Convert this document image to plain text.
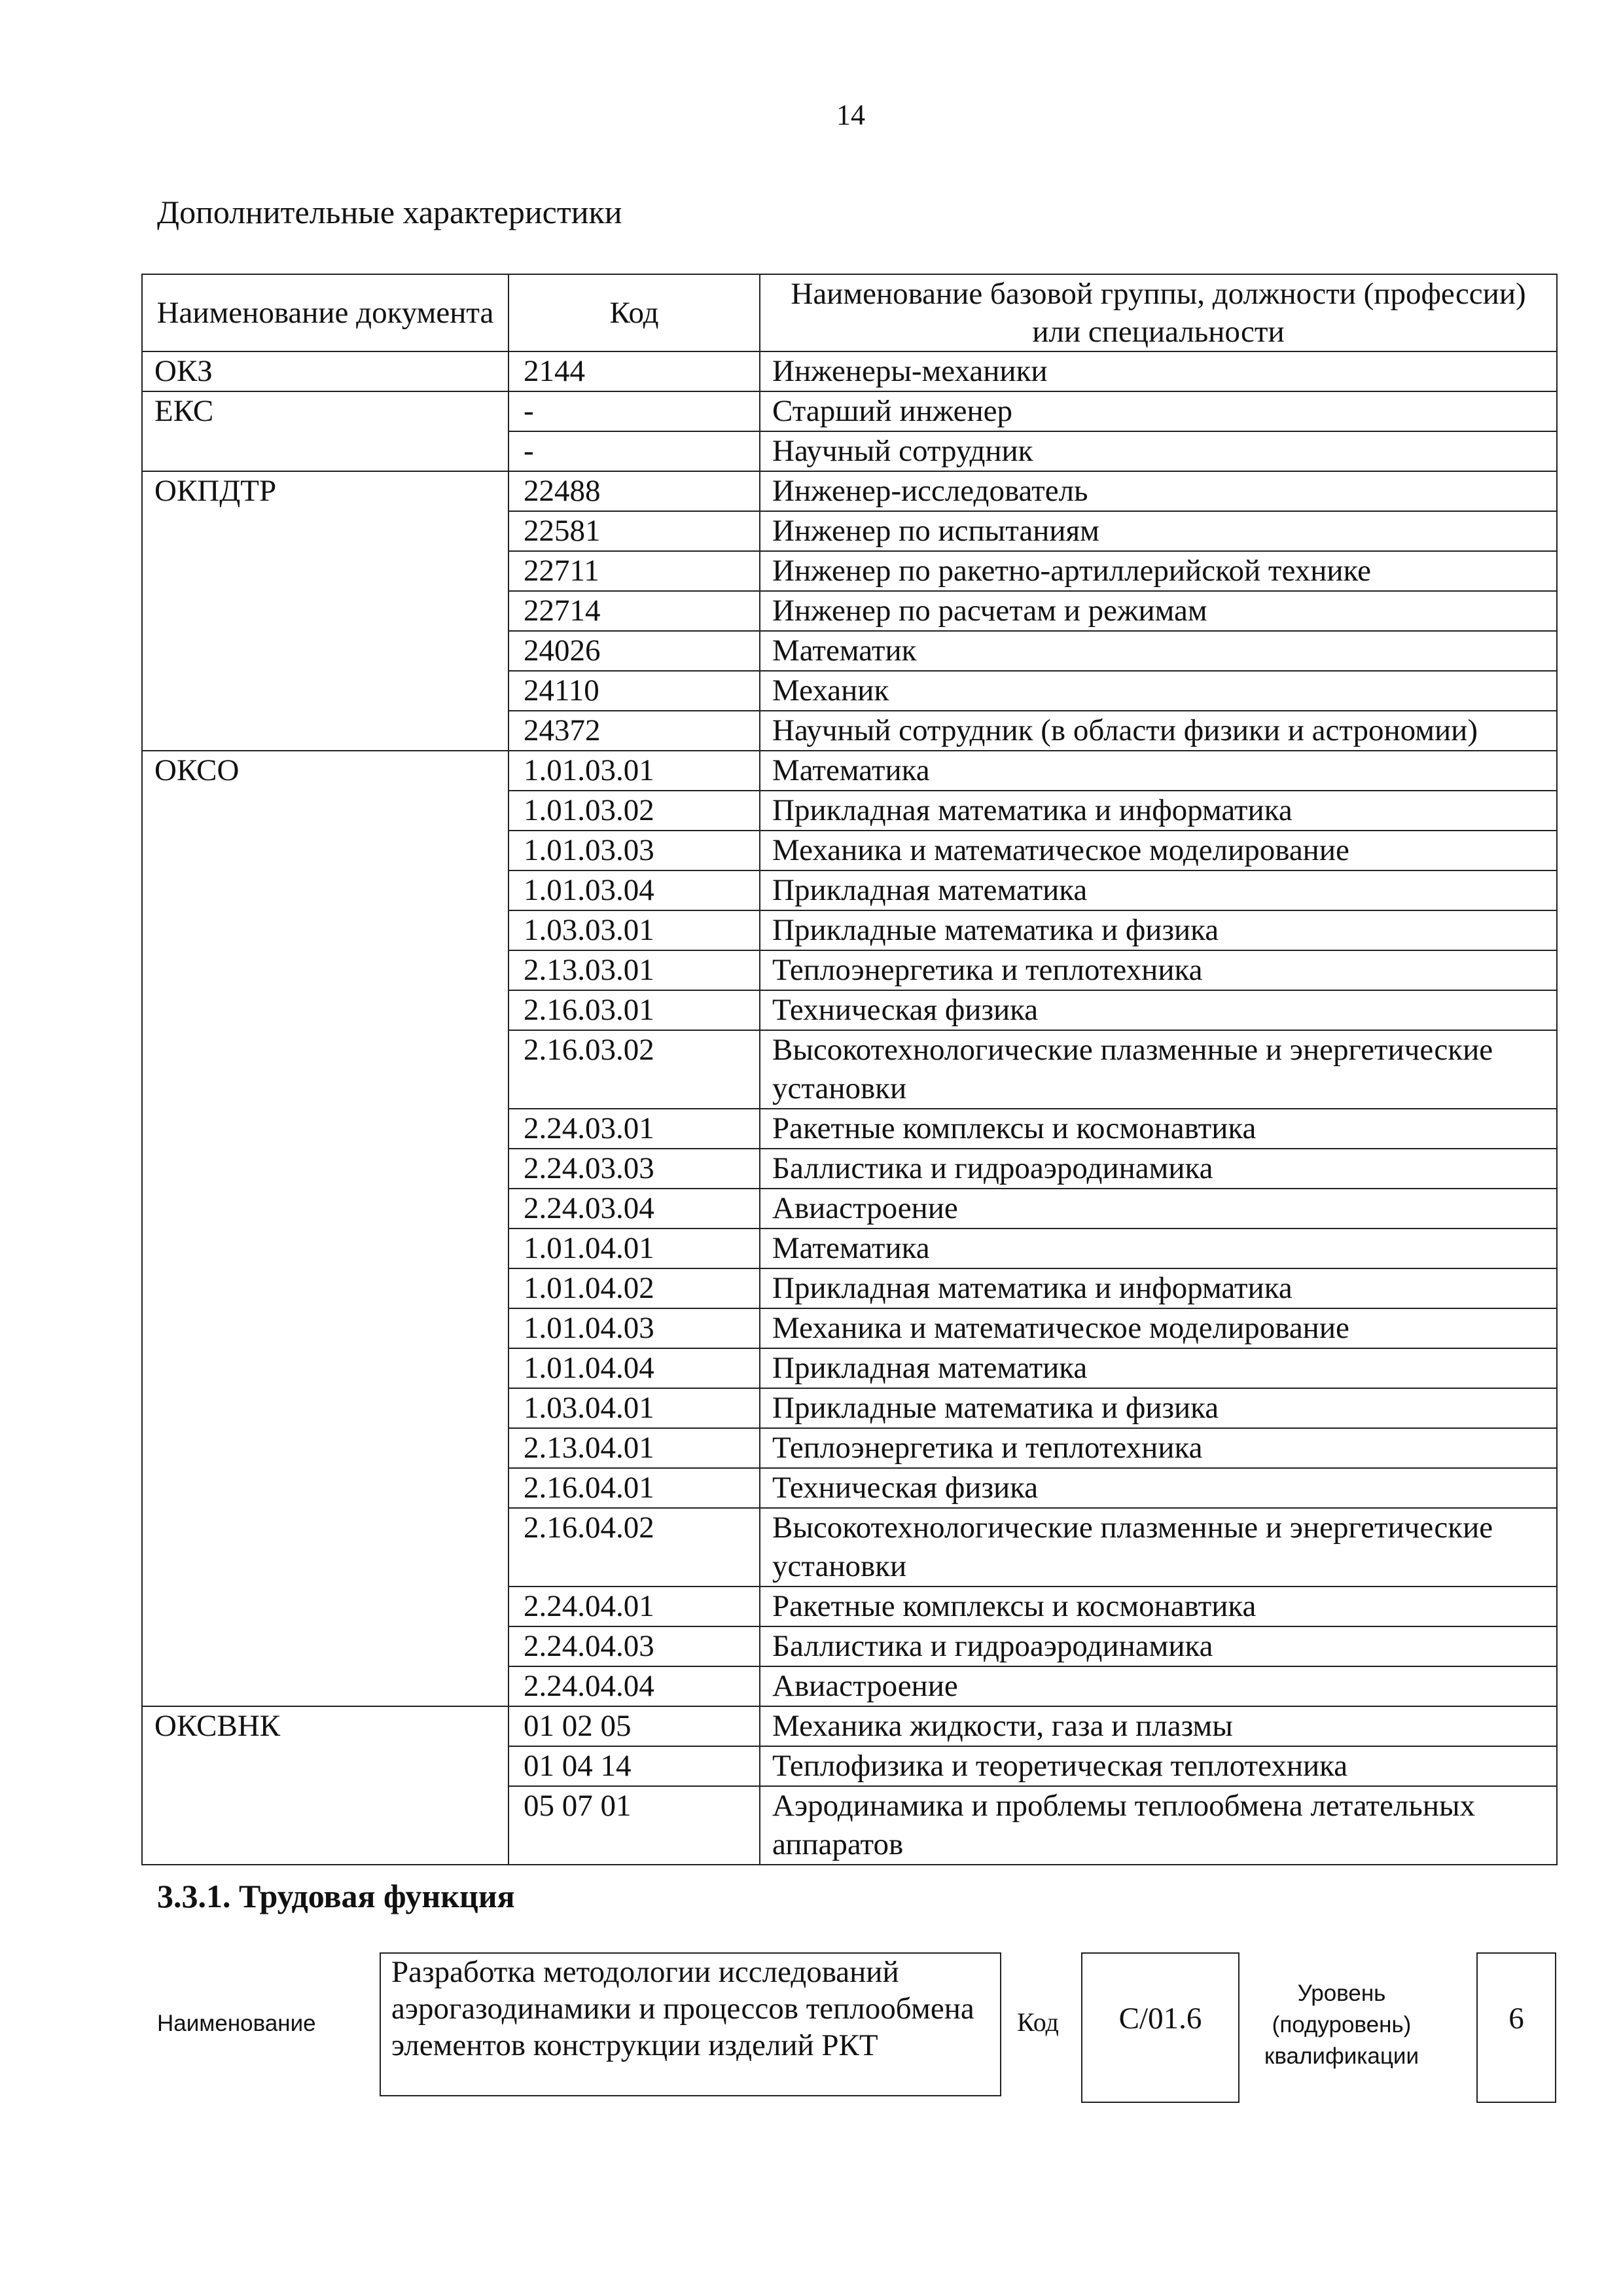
14
Дополнительные характеристики
Наименование документа	Код	Наименование базовой группы, должности (профессии) или специальности
ОКЗ	2144	Инженеры-механики
ЕКС	-	Старший инженер
	-	Научный сотрудник
ОКПДТР	22488	Инженер-исследователь
	22581	Инженер по испытаниям
	22711	Инженер по ракетно-артиллерийской технике
	22714	Инженер по расчетам и режимам
	24026	Математик
	24110	Механик
	24372	Научный сотрудник (в области физики и астрономии)
ОКСО	1.01.03.01	Математика
	1.01.03.02	Прикладная математика и информатика
	1.01.03.03	Механика и математическое моделирование
	1.01.03.04	Прикладная математика
	1.03.03.01	Прикладные математика и физика
	2.13.03.01	Теплоэнергетика и теплотехника
	2.16.03.01	Техническая физика
	2.16.03.02	Высокотехнологические плазменные и энергетические установки
	2.24.03.01	Ракетные комплексы и космонавтика
	2.24.03.03	Баллистика и гидроаэродинамика
	2.24.03.04	Авиастроение
	1.01.04.01	Математика
	1.01.04.02	Прикладная математика и информатика
	1.01.04.03	Механика и математическое моделирование
	1.01.04.04	Прикладная математика
	1.03.04.01	Прикладные математика и физика
	2.13.04.01	Теплоэнергетика и теплотехника
	2.16.04.01	Техническая физика
	2.16.04.02	Высокотехнологические плазменные и энергетические установки
	2.24.04.01	Ракетные комплексы и космонавтика
	2.24.04.03	Баллистика и гидроаэродинамика
	2.24.04.04	Авиастроение
ОКСВНК	01 02 05	Механика жидкости, газа и плазмы
	01 04 14	Теплофизика и теоретическая теплотехника
	05 07 01	Аэродинамика и проблемы теплообмена летательных аппаратов
3.3.1. Трудовая функция
Наименование
Разработка методологии исследований аэрогазодинамики и процессов теплообмена элементов конструкции изделий РКТ
Код	C/01.6
Уровень (подуровень) квалификации
6
